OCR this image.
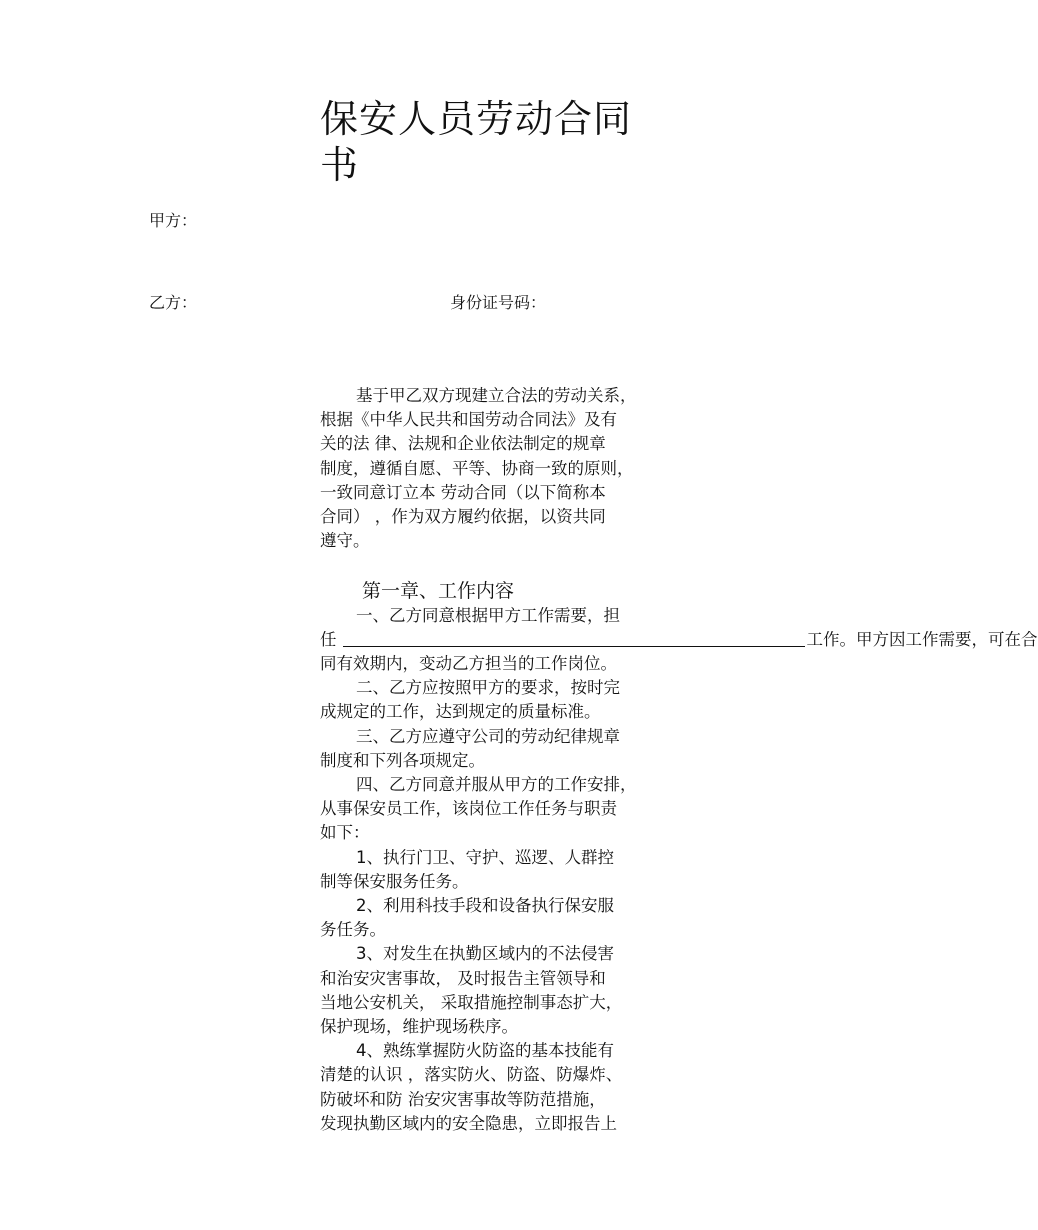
保安人员劳动合同书
甲方：
乙方：	身份证号码：

基于甲乙双方现建立合法的劳动关系，

根据《中华人民共和国劳动合同法》及有

关的法 律、法规和企业依法制定的规章

制度，遵循自愿、平等、协商一致的原则，

一致同意订立本 劳动合同（以下简称本

合同） ，作为双方履约依据，以资共同

遵守。

第一章、工作内容

一、乙方同意根据甲方工作需要，担

任	工作。甲方因工作需要，可在合

同有效期内，变动乙方担当的工作岗位。

二、乙方应按照甲方的要求，按时完

成规定的工作，达到规定的质量标准。

三、乙方应遵守公司的劳动纪律规章

制度和下列各项规定。

四、乙方同意并服从甲方的工作安排，

从事保安员工作，该岗位工作任务与职责

如下：

1、执行门卫、守护、巡逻、人群控

制等保安服务任务。

2、利用科技手段和设备执行保安服

务任务。

3、对发生在执勤区域内的不法侵害

和治安灾害事故， 及时报告主管领导和

当地公安机关， 采取措施控制事态扩大，

保护现场，维护现场秩序。

4、熟练掌握防火防盗的基本技能有

清楚的认识 ，落实防火、防盗、防爆炸、

防破坏和防 治安灾害事故等防范措施，

发现执勤区域内的安全隐患，立即报告上
